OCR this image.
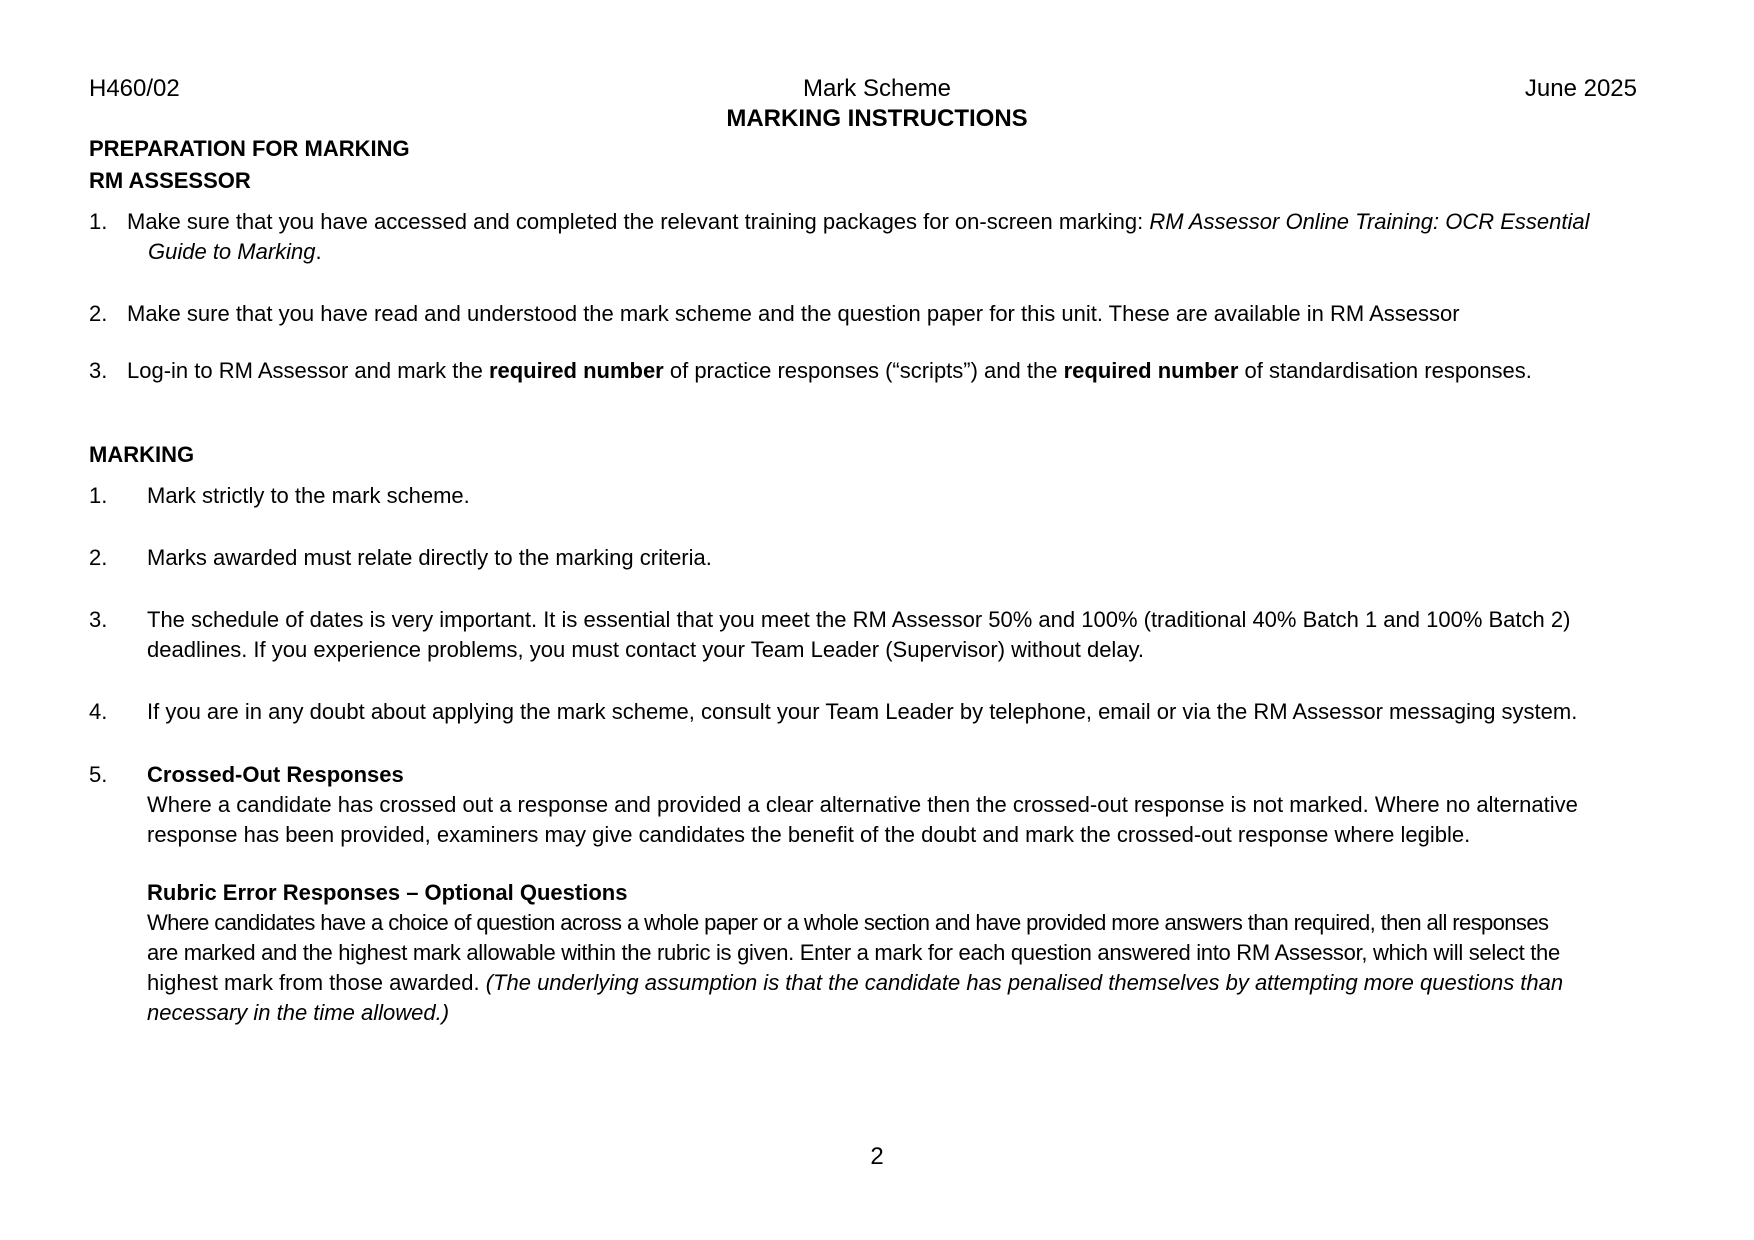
H460/02	Mark Scheme	June 2025
MARKING INSTRUCTIONS
PREPARATION FOR MARKING
RM ASSESSOR
1. Make sure that you have accessed and completed the relevant training packages for on-screen marking: RM Assessor Online Training: OCR Essential
Guide to Marking.
2. Make sure that you have read and understood the mark scheme and the question paper for this unit. These are available in RM Assessor
3. Log-in to RM Assessor and mark the required number of practice responses (“scripts”) and the required number of standardisation responses.
MARKING
1. Mark strictly to the mark scheme.
2. Marks awarded must relate directly to the marking criteria.
3. The schedule of dates is very important. It is essential that you meet the RM Assessor 50% and 100% (traditional 40% Batch 1 and 100% Batch 2)
deadlines. If you experience problems, you must contact your Team Leader (Supervisor) without delay.
4. If you are in any doubt about applying the mark scheme, consult your Team Leader by telephone, email or via the RM Assessor messaging system.
5. Crossed-Out Responses
Where a candidate has crossed out a response and provided a clear alternative then the crossed-out response is not marked. Where no alternative
response has been provided, examiners may give candidates the benefit of the doubt and mark the crossed-out response where legible.
Rubric Error Responses – Optional Questions
Where candidates have a choice of question across a whole paper or a whole section and have provided more answers than required, then all responses
are marked and the highest mark allowable within the rubric is given. Enter a mark for each question answered into RM Assessor, which will select the
highest mark from those awarded. (The underlying assumption is that the candidate has penalised themselves by attempting more questions than
necessary in the time allowed.)
2
